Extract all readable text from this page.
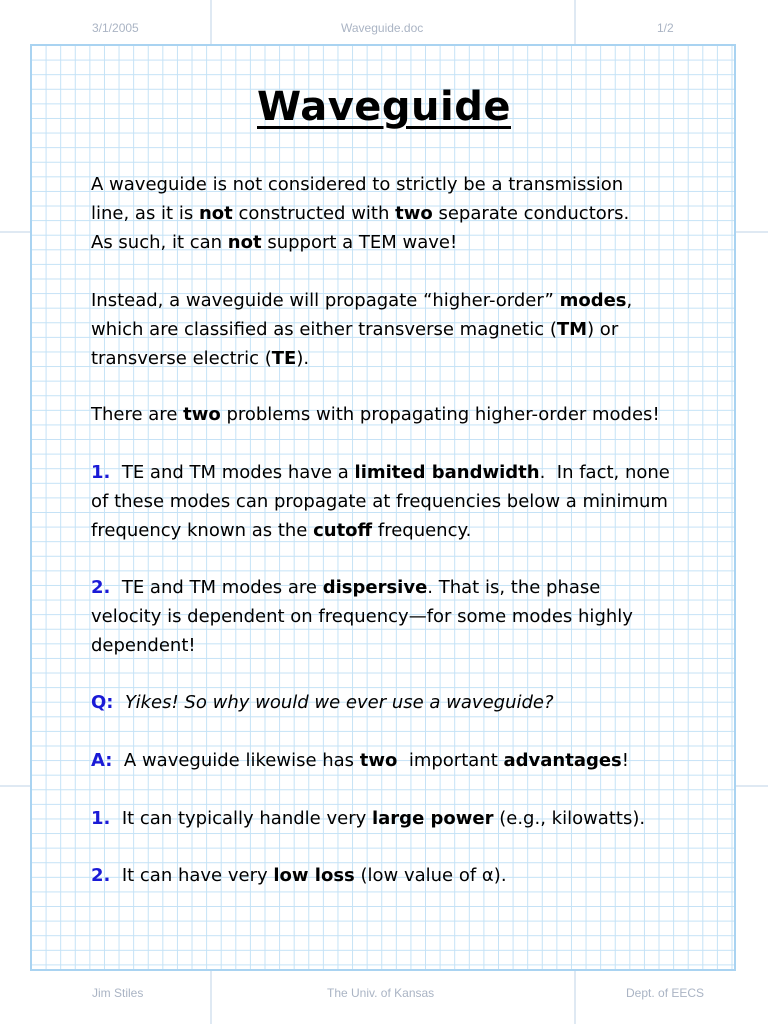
3/1/2005	Waveguide.doc	1/2
Waveguide
A waveguide is not considered to strictly be a transmission
line, as it is not constructed with two separate conductors.
As such, it can not support a TEM wave!
Instead, a waveguide will propagate “higher-order” modes,
which are classified as either transverse magnetic (TM) or
transverse electric (TE).
There are two problems with propagating higher-order modes!
1.  TE and TM modes have a limited bandwidth.  In fact, none
of these modes can propagate at frequencies below a minimum
frequency known as the cutoff frequency.
2.  TE and TM modes are dispersive. That is, the phase
velocity is dependent on frequency—for some modes highly
dependent!
Q:  Yikes! So why would we ever use a waveguide?
A:  A waveguide likewise has two  important advantages!
1.  It can typically handle very large power (e.g., kilowatts).
2.  It can have very low loss (low value of α).
Jim Stiles	The Univ. of Kansas	Dept. of EECS
